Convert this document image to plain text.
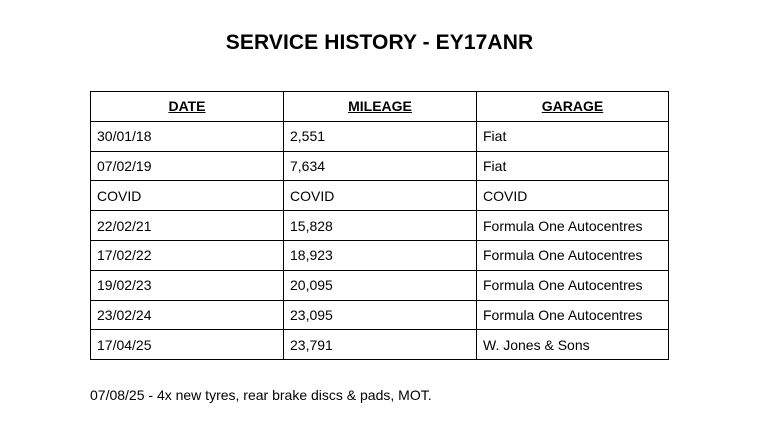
SERVICE HISTORY - EY17ANR
DATE	MILEAGE	GARAGE
30/01/18	2,551	Fiat
07/02/19	7,634	Fiat
COVID	COVID	COVID
22/02/21	15,828	Formula One Autocentres
17/02/22	18,923	Formula One Autocentres
19/02/23	20,095	Formula One Autocentres
23/02/24	23,095	Formula One Autocentres
17/04/25	23,791	W. Jones & Sons

07/08/25 - 4x new tyres, rear brake discs & pads, MOT.
